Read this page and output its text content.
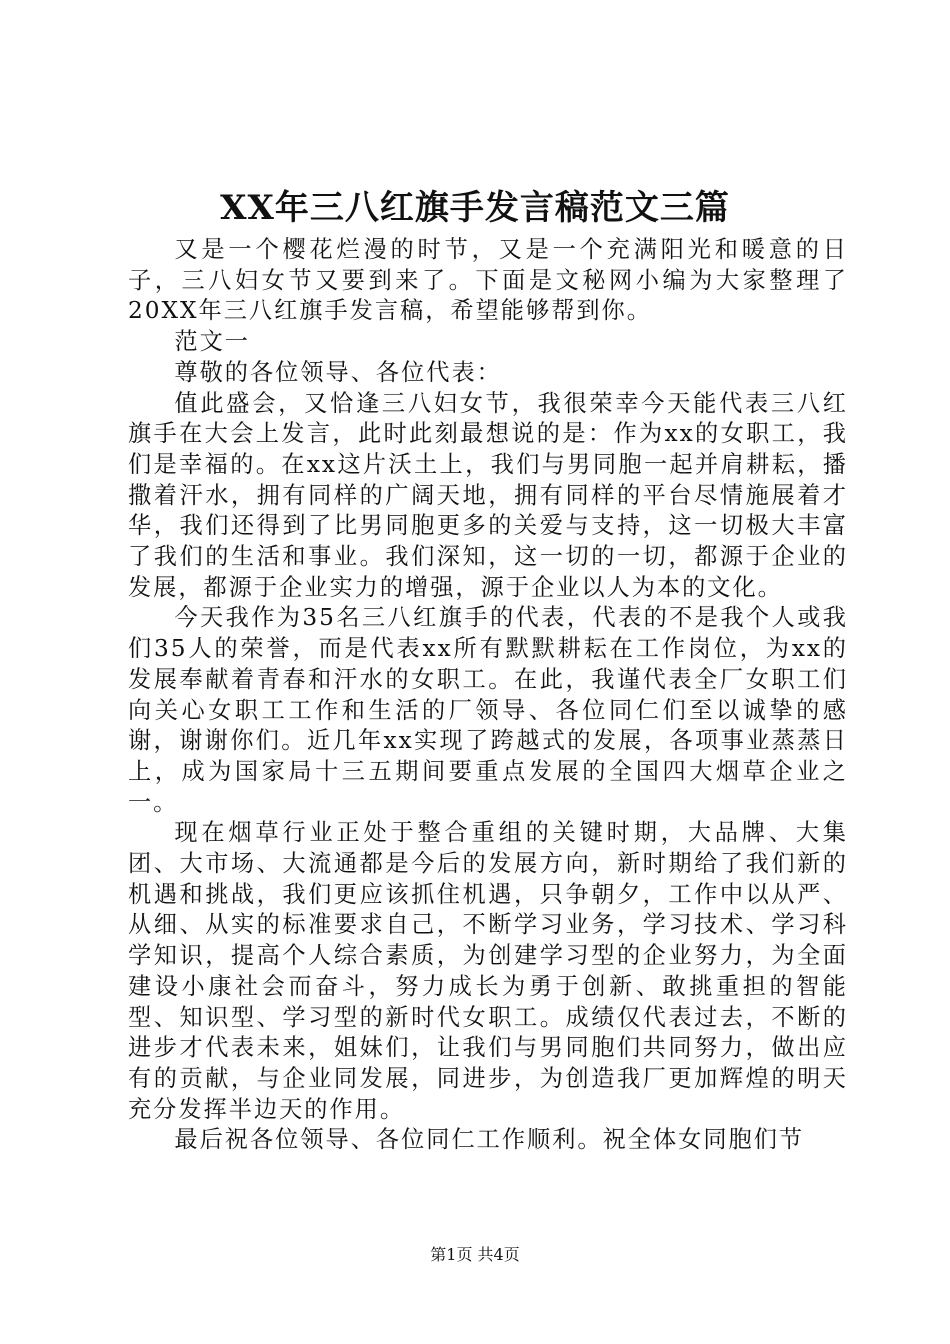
XX年三八红旗手发言稿范文三篇

又是一个樱花烂漫的时节，又是一个充满阳光和暖意的日子，三八妇女节又要到来了。下面是文秘网小编为大家整理了20XX年三八红旗手发言稿，希望能够帮到你。

范文一

尊敬的各位领导、各位代表：

值此盛会，又恰逢三八妇女节，我很荣幸今天能代表三八红旗手在大会上发言，此时此刻最想说的是：作为xx的女职工，我们是幸福的。在xx这片沃土上，我们与男同胞一起并肩耕耘，播撒着汗水，拥有同样的广阔天地，拥有同样的平台尽情施展着才华，我们还得到了比男同胞更多的关爱与支持，这一切极大丰富了我们的生活和事业。我们深知，这一切的一切，都源于企业的发展，都源于企业实力的增强，源于企业以人为本的文化。

今天我作为35名三八红旗手的代表，代表的不是我个人或我们35人的荣誉，而是代表xx所有默默耕耘在工作岗位，为xx的发展奉献着青春和汗水的女职工。在此，我谨代表全厂女职工们向关心女职工工作和生活的厂领导、各位同仁们至以诚挚的感谢，谢谢你们。近几年xx实现了跨越式的发展，各项事业蒸蒸日上，成为国家局十三五期间要重点发展的全国四大烟草企业之一。

现在烟草行业正处于整合重组的关键时期，大品牌、大集团、大市场、大流通都是今后的发展方向，新时期给了我们新的机遇和挑战，我们更应该抓住机遇，只争朝夕，工作中以从严、从细、从实的标准要求自己，不断学习业务，学习技术、学习科学知识，提高个人综合素质，为创建学习型的企业努力，为全面建设小康社会而奋斗，努力成长为勇于创新、敢挑重担的智能型、知识型、学习型的新时代女职工。成绩仅代表过去，不断的进步才代表未来，姐妹们，让我们与男同胞们共同努力，做出应有的贡献，与企业同发展，同进步，为创造我厂更加辉煌的明天充分发挥半边天的作用。

最后祝各位领导、各位同仁工作顺利。祝全体女同胞们节

第1页 共4页
